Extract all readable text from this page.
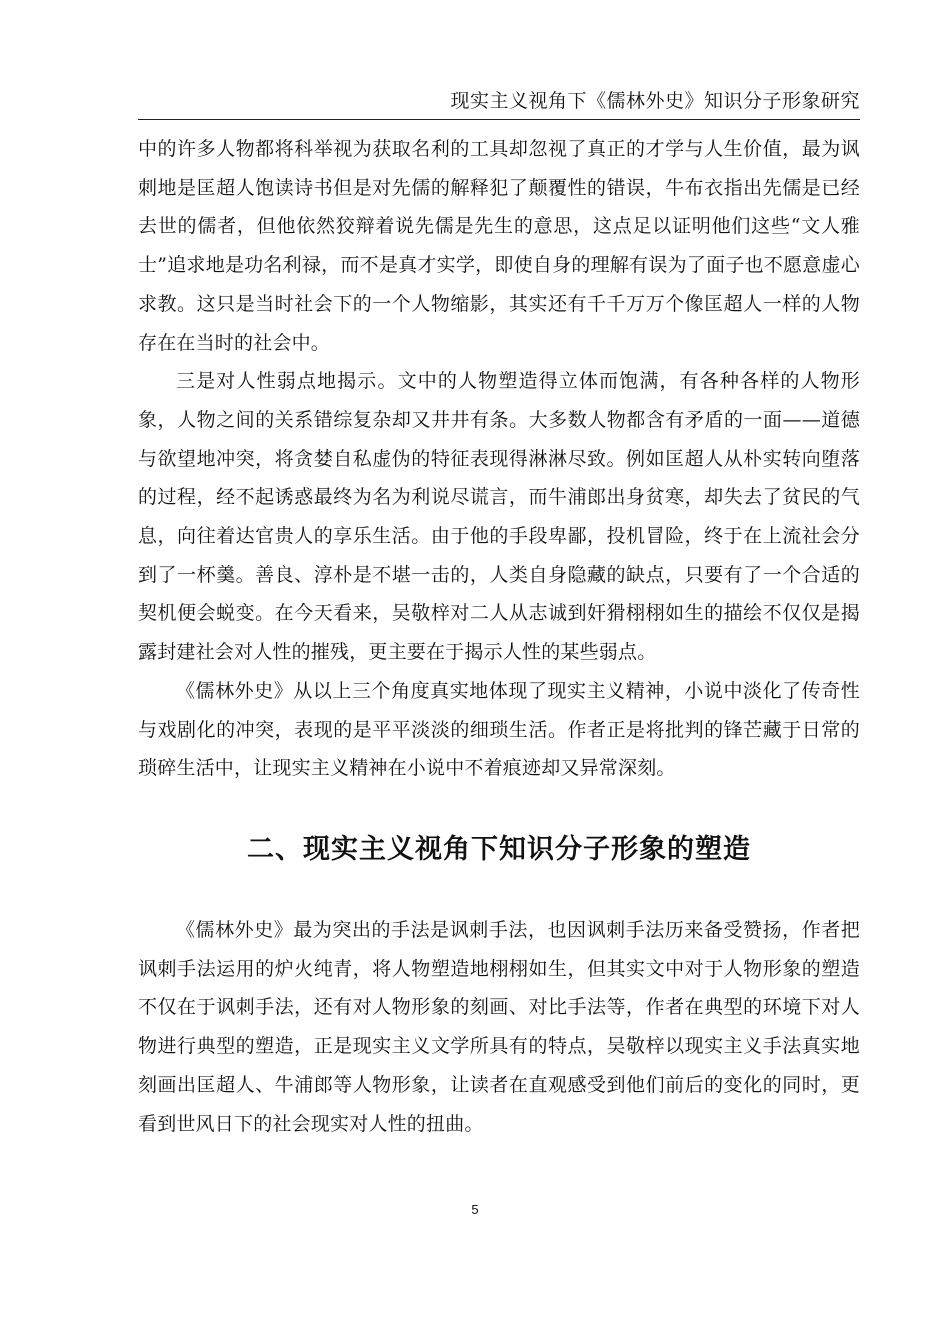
现实主义视角下《儒林外史》知识分子形象研究

中的许多人物都将科举视为获取名利的工具却忽视了真正的才学与人生价值，最为讽刺地是匡超人饱读诗书但是对先儒的解释犯了颠覆性的错误，牛布衣指出先儒是已经去世的儒者，但他依然狡辩着说先儒是先生的意思，这点足以证明他们这些“文人雅士”追求地是功名利禄，而不是真才实学，即使自身的理解有误为了面子也不愿意虚心求教。这只是当时社会下的一个人物缩影，其实还有千千万万个像匡超人一样的人物存在在当时的社会中。

三是对人性弱点地揭示。文中的人物塑造得立体而饱满，有各种各样的人物形象，人物之间的关系错综复杂却又井井有条。大多数人物都含有矛盾的一面——道德与欲望地冲突，将贪婪自私虚伪的特征表现得淋淋尽致。例如匡超人从朴实转向堕落的过程，经不起诱惑最终为名为利说尽谎言，而牛浦郎出身贫寒，却失去了贫民的气息，向往着达官贵人的享乐生活。由于他的手段卑鄙，投机冒险，终于在上流社会分到了一杯羹。善良、淳朴是不堪一击的，人类自身隐藏的缺点，只要有了一个合适的契机便会蜕变。在今天看来，吴敬梓对二人从志诚到奸猾栩栩如生的描绘不仅仅是揭露封建社会对人性的摧残，更主要在于揭示人性的某些弱点。

《儒林外史》从以上三个角度真实地体现了现实主义精神，小说中淡化了传奇性与戏剧化的冲突，表现的是平平淡淡的细琐生活。作者正是将批判的锋芒藏于日常的琐碎生活中，让现实主义精神在小说中不着痕迹却又异常深刻。

二、现实主义视角下知识分子形象的塑造

《儒林外史》最为突出的手法是讽刺手法，也因讽刺手法历来备受赞扬，作者把讽刺手法运用的炉火纯青，将人物塑造地栩栩如生，但其实文中对于人物形象的塑造不仅在于讽刺手法，还有对人物形象的刻画、对比手法等，作者在典型的环境下对人物进行典型的塑造，正是现实主义文学所具有的特点，吴敬梓以现实主义手法真实地刻画出匡超人、牛浦郎等人物形象，让读者在直观感受到他们前后的变化的同时，更看到世风日下的社会现实对人性的扭曲。

5
